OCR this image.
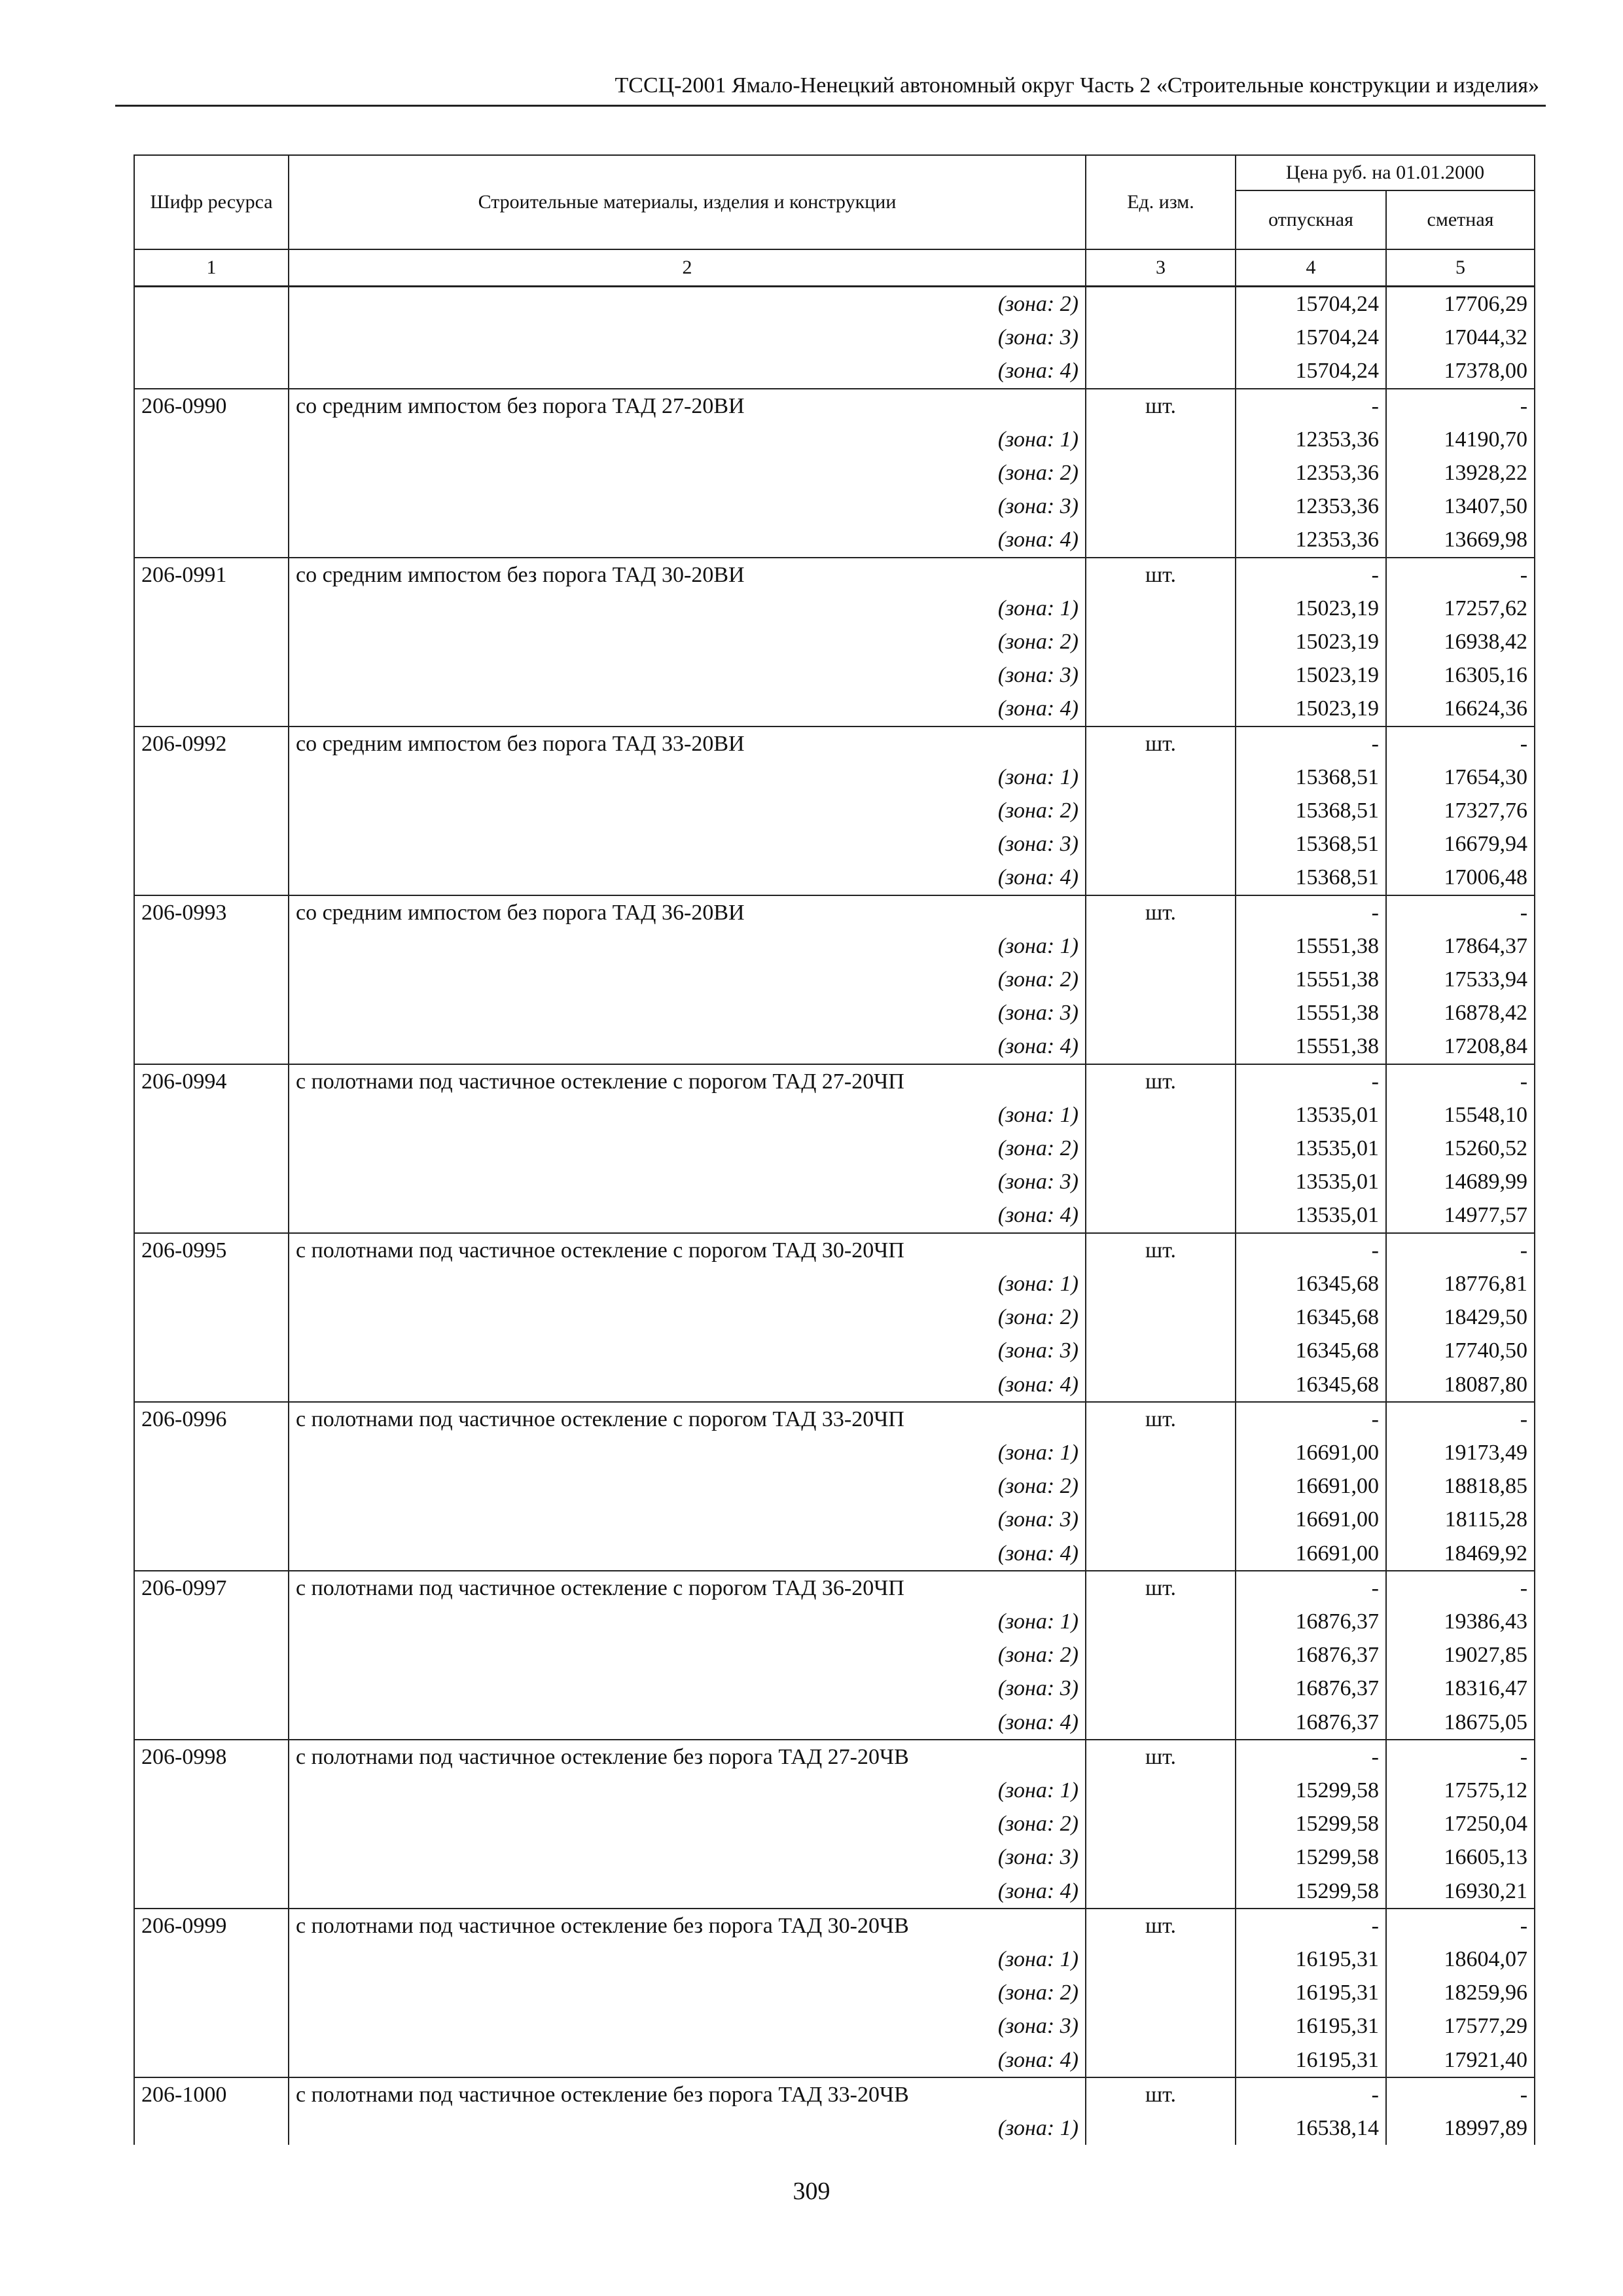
ТССЦ-2001 Ямало-Ненецкий автономный округ Часть 2 «Строительные конструкции и изделия»
Шифр ресурса	Строительные материалы, изделия и конструкции	Ед. изм.	Цена руб. на 01.01.2000	
			отпускная	сметная
1	2	3	4	5
	(зона: 2)		15704,24	17706,29
	(зона: 3)		15704,24	17044,32
	(зона: 4)		15704,24	17378,00
206-0990	со средним импостом без порога ТАД 27-20ВИ	шт.	-	-
	(зона: 1)		12353,36	14190,70
	(зона: 2)		12353,36	13928,22
	(зона: 3)		12353,36	13407,50
	(зона: 4)		12353,36	13669,98
206-0991	со средним импостом без порога ТАД 30-20ВИ	шт.	-	-
	(зона: 1)		15023,19	17257,62
	(зона: 2)		15023,19	16938,42
	(зона: 3)		15023,19	16305,16
	(зона: 4)		15023,19	16624,36
206-0992	со средним импостом без порога ТАД 33-20ВИ	шт.	-	-
	(зона: 1)		15368,51	17654,30
	(зона: 2)		15368,51	17327,76
	(зона: 3)		15368,51	16679,94
	(зона: 4)		15368,51	17006,48
206-0993	со средним импостом без порога ТАД 36-20ВИ	шт.	-	-
	(зона: 1)		15551,38	17864,37
	(зона: 2)		15551,38	17533,94
	(зона: 3)		15551,38	16878,42
	(зона: 4)		15551,38	17208,84
206-0994	с полотнами под частичное остекление с порогом ТАД 27-20ЧП	шт.	-	-
	(зона: 1)		13535,01	15548,10
	(зона: 2)		13535,01	15260,52
	(зона: 3)		13535,01	14689,99
	(зона: 4)		13535,01	14977,57
206-0995	с полотнами под частичное остекление с порогом ТАД 30-20ЧП	шт.	-	-
	(зона: 1)		16345,68	18776,81
	(зона: 2)		16345,68	18429,50
	(зона: 3)		16345,68	17740,50
	(зона: 4)		16345,68	18087,80
206-0996	с полотнами под частичное остекление с порогом ТАД 33-20ЧП	шт.	-	-
	(зона: 1)		16691,00	19173,49
	(зона: 2)		16691,00	18818,85
	(зона: 3)		16691,00	18115,28
	(зона: 4)		16691,00	18469,92
206-0997	с полотнами под частичное остекление с порогом ТАД 36-20ЧП	шт.	-	-
	(зона: 1)		16876,37	19386,43
	(зона: 2)		16876,37	19027,85
	(зона: 3)		16876,37	18316,47
	(зона: 4)		16876,37	18675,05
206-0998	с полотнами под частичное остекление без порога ТАД 27-20ЧВ	шт.	-	-
	(зона: 1)		15299,58	17575,12
	(зона: 2)		15299,58	17250,04
	(зона: 3)		15299,58	16605,13
	(зона: 4)		15299,58	16930,21
206-0999	с полотнами под частичное остекление без порога ТАД 30-20ЧВ	шт.	-	-
	(зона: 1)		16195,31	18604,07
	(зона: 2)		16195,31	18259,96
	(зона: 3)		16195,31	17577,29
	(зона: 4)		16195,31	17921,40
206-1000	с полотнами под частичное остекление без порога ТАД 33-20ЧВ	шт.	-	-
	(зона: 1)		16538,14	18997,89
309
